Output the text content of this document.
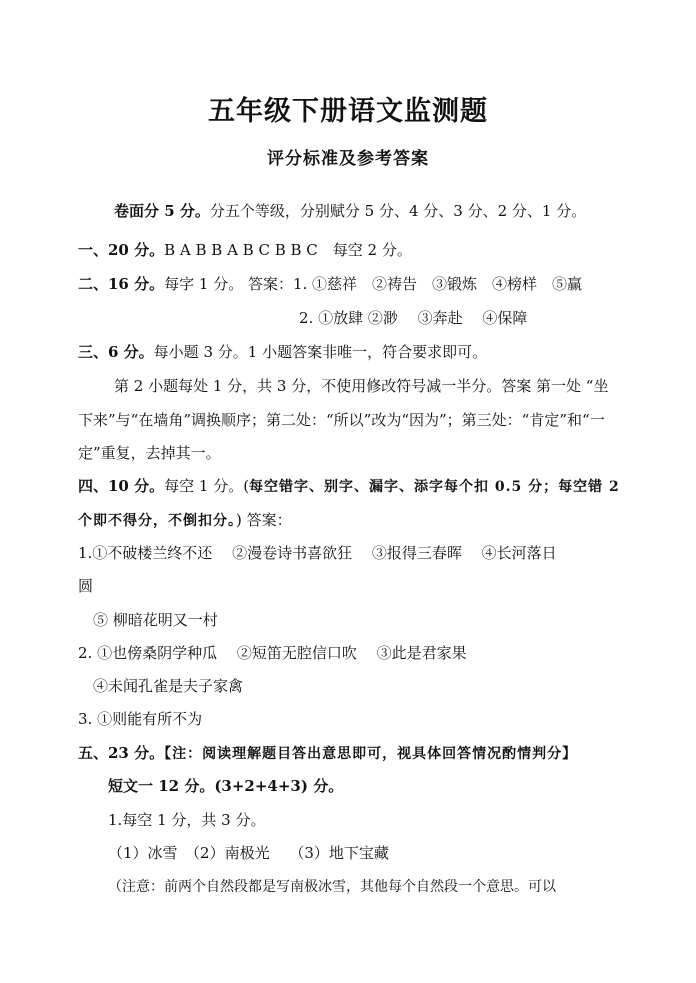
五年级下册语文监测题
评分标准及参考答案
卷面分 5 分。分五个等级，分别赋分 5 分、4 分、3 分、2 分、1 分。
一、20 分。B A B B A B C B B C　每空 2 分。
二、16 分。每字 1 分。 答案：1. ①慈祥　②祷告　③锻炼　④榜样　⑤赢
2. ①放肆 ②渺　 ③奔赴　 ④保障
三、6 分。每小题 3 分。1 小题答案非唯一，符合要求即可。
第 2 小题每处 1 分，共 3 分，不使用修改符号减一半分。答案 第一处 “坐
下来”与“在墙角”调换顺序；第二处：“所以”改为“因为”；第三处：“肯定”和“一
定”重复，去掉其一。
四、10 分。每空 1 分。(每空错字、别字、漏字、添字每个扣 0.5 分；每空错 2
个即不得分，不倒扣分。) 答案：
1.①不破楼兰终不还　 ②漫卷诗书喜欲狂　 ③报得三春晖　 ④长河落日
圆
⑤ 柳暗花明又一村
2. ①也傍桑阴学种瓜　 ②短笛无腔信口吹　 ③此是君家果
④未闻孔雀是夫子家禽
3. ①则能有所不为
五、23 分。【注：阅读理解题目答出意思即可，视具体回答情况酌情判分】
短文一 12 分。(3+2+4+3) 分。
1.每空 1 分，共 3 分。
（1）冰雪　（2）南极光　 （3）地下宝藏
（注意：前两个自然段都是写南极冰雪，其他每个自然段一个意思。可以
